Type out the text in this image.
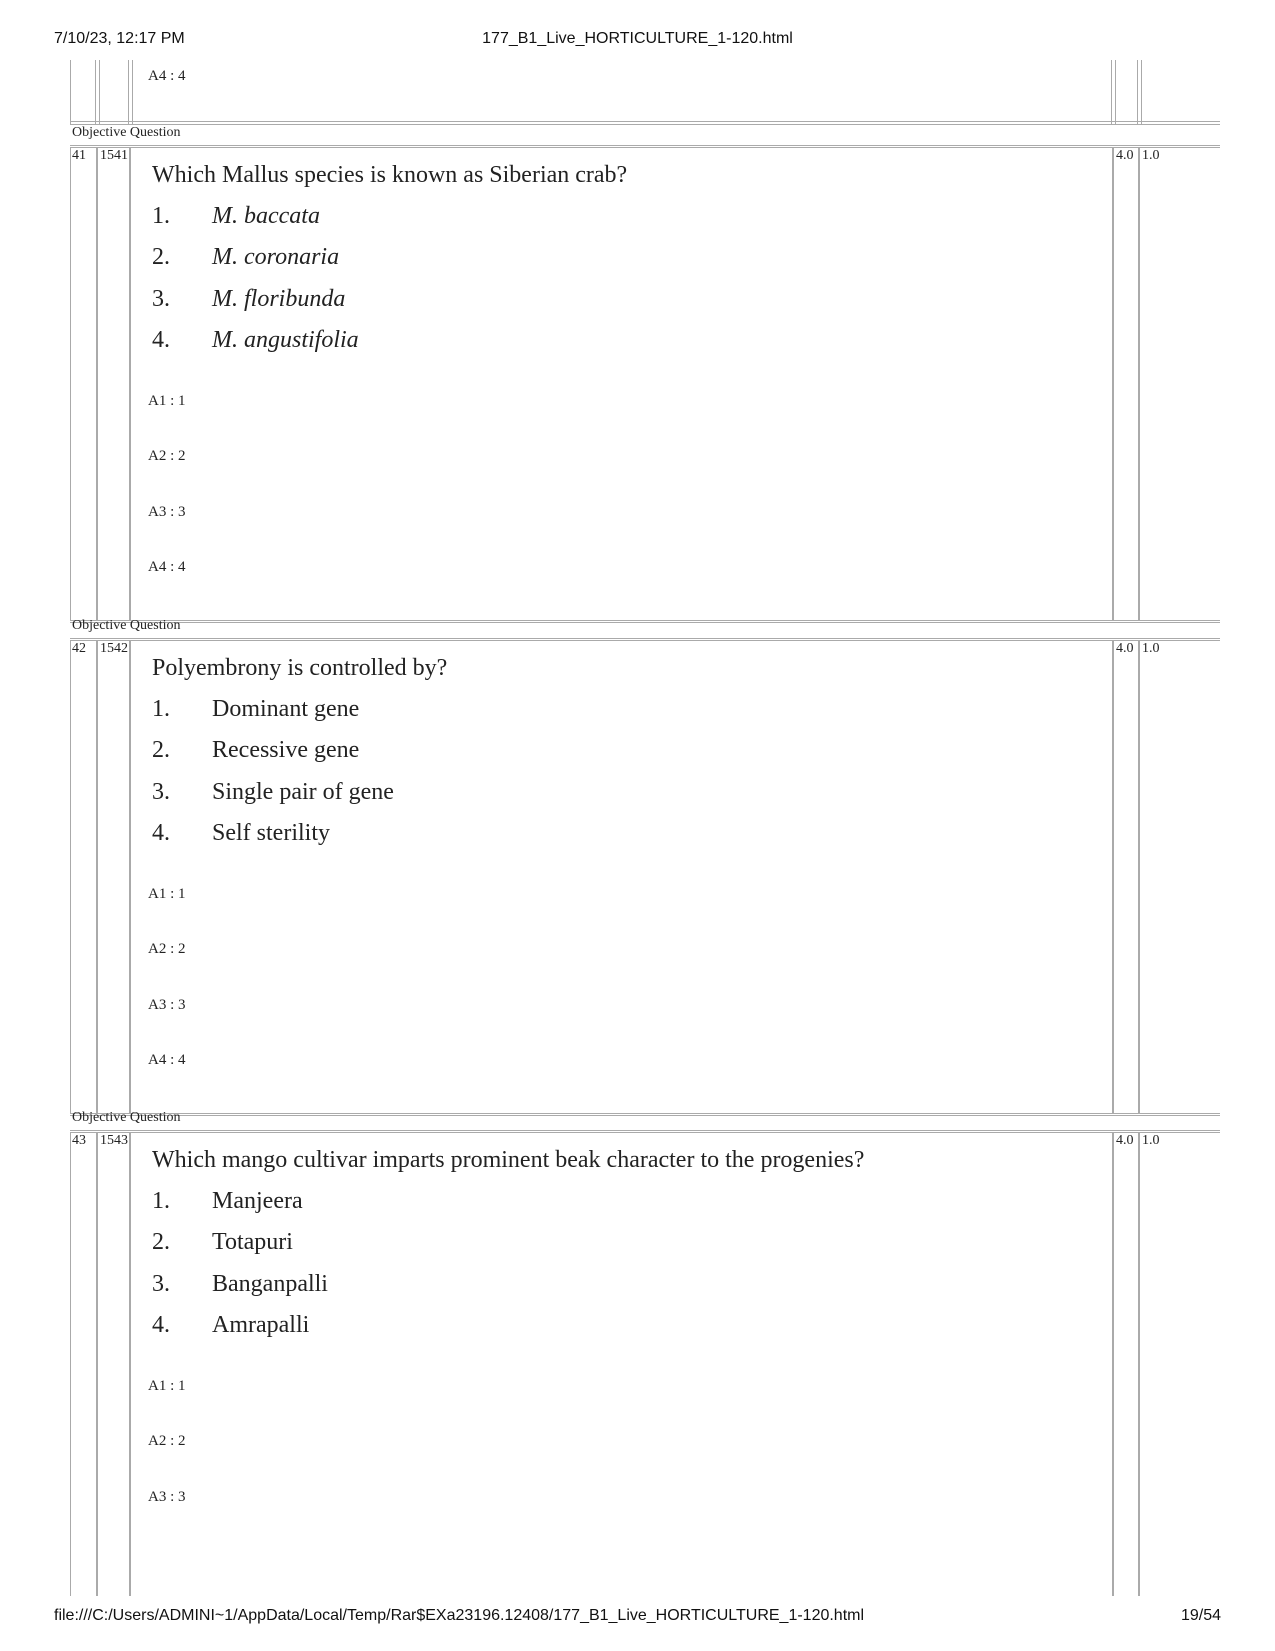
7/10/23, 12:17 PM	177_B1_Live_HORTICULTURE_1-120.html
A4 : 4
Objective Question
41 1541	4.0 1.0
Which Mallus species is known as Siberian crab?
1. M. baccata
2. M. coronaria
3. M. floribunda
4. M. angustifolia
A1 : 1
A2 : 2
A3 : 3
A4 : 4
Objective Question
42 1542	4.0 1.0
Polyembrony is controlled by?
1. Dominant gene
2. Recessive gene
3. Single pair of gene
4. Self sterility
A1 : 1
A2 : 2
A3 : 3
A4 : 4
Objective Question
43 1543	4.0 1.0
Which mango cultivar imparts prominent beak character to the progenies?
1. Manjeera
2. Totapuri
3. Banganpalli
4. Amrapalli
A1 : 1
A2 : 2
A3 : 3
file:///C:/Users/ADMINI~1/AppData/Local/Temp/Rar$EXa23196.12408/177_B1_Live_HORTICULTURE_1-120.html	19/54
